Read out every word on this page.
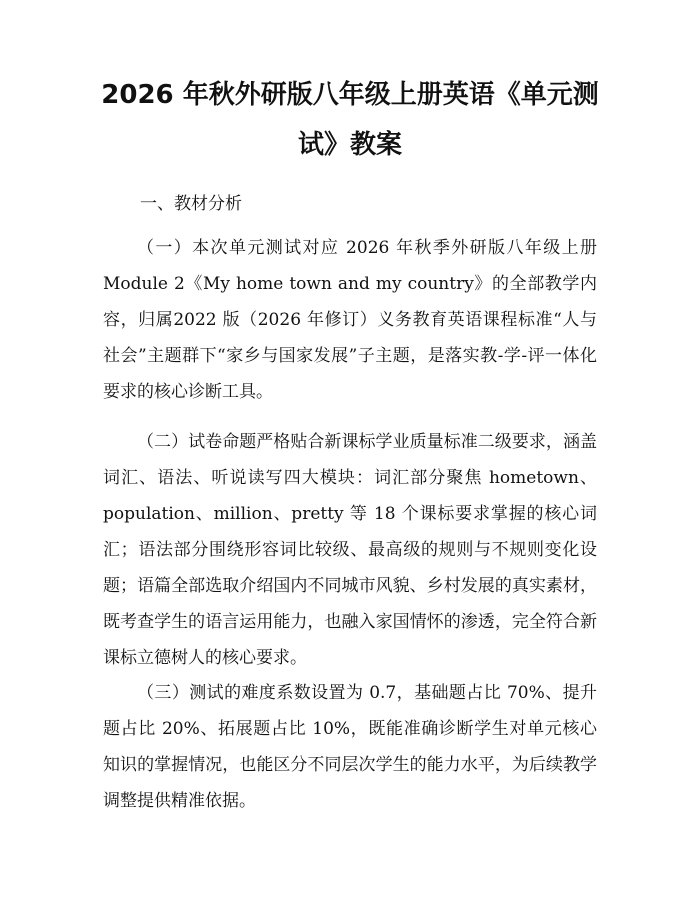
2026 年秋外研版八年级上册英语《单元测试》教案

一、教材分析

（一）本次单元测试对应 2026 年秋季外研版八年级上册 Module 2《My home town and my country》的全部教学内容，归属2022 版（2026 年修订）义务教育英语课程标准“人与社会”主题群下“家乡与国家发展”子主题，是落实教-学-评一体化要求的核心诊断工具。

（二）试卷命题严格贴合新课标学业质量标准二级要求，涵盖词汇、语法、听说读写四大模块：词汇部分聚焦 hometown、population、million、pretty 等 18 个课标要求掌握的核心词汇；语法部分围绕形容词比较级、最高级的规则与不规则变化设题；语篇全部选取介绍国内不同城市风貌、乡村发展的真实素材，既考查学生的语言运用能力，也融入家国情怀的渗透，完全符合新课标立德树人的核心要求。

（三）测试的难度系数设置为 0.7，基础题占比 70%、提升题占比 20%、拓展题占比 10%，既能准确诊断学生对单元核心知识的掌握情况，也能区分不同层次学生的能力水平，为后续教学调整提供精准依据。
